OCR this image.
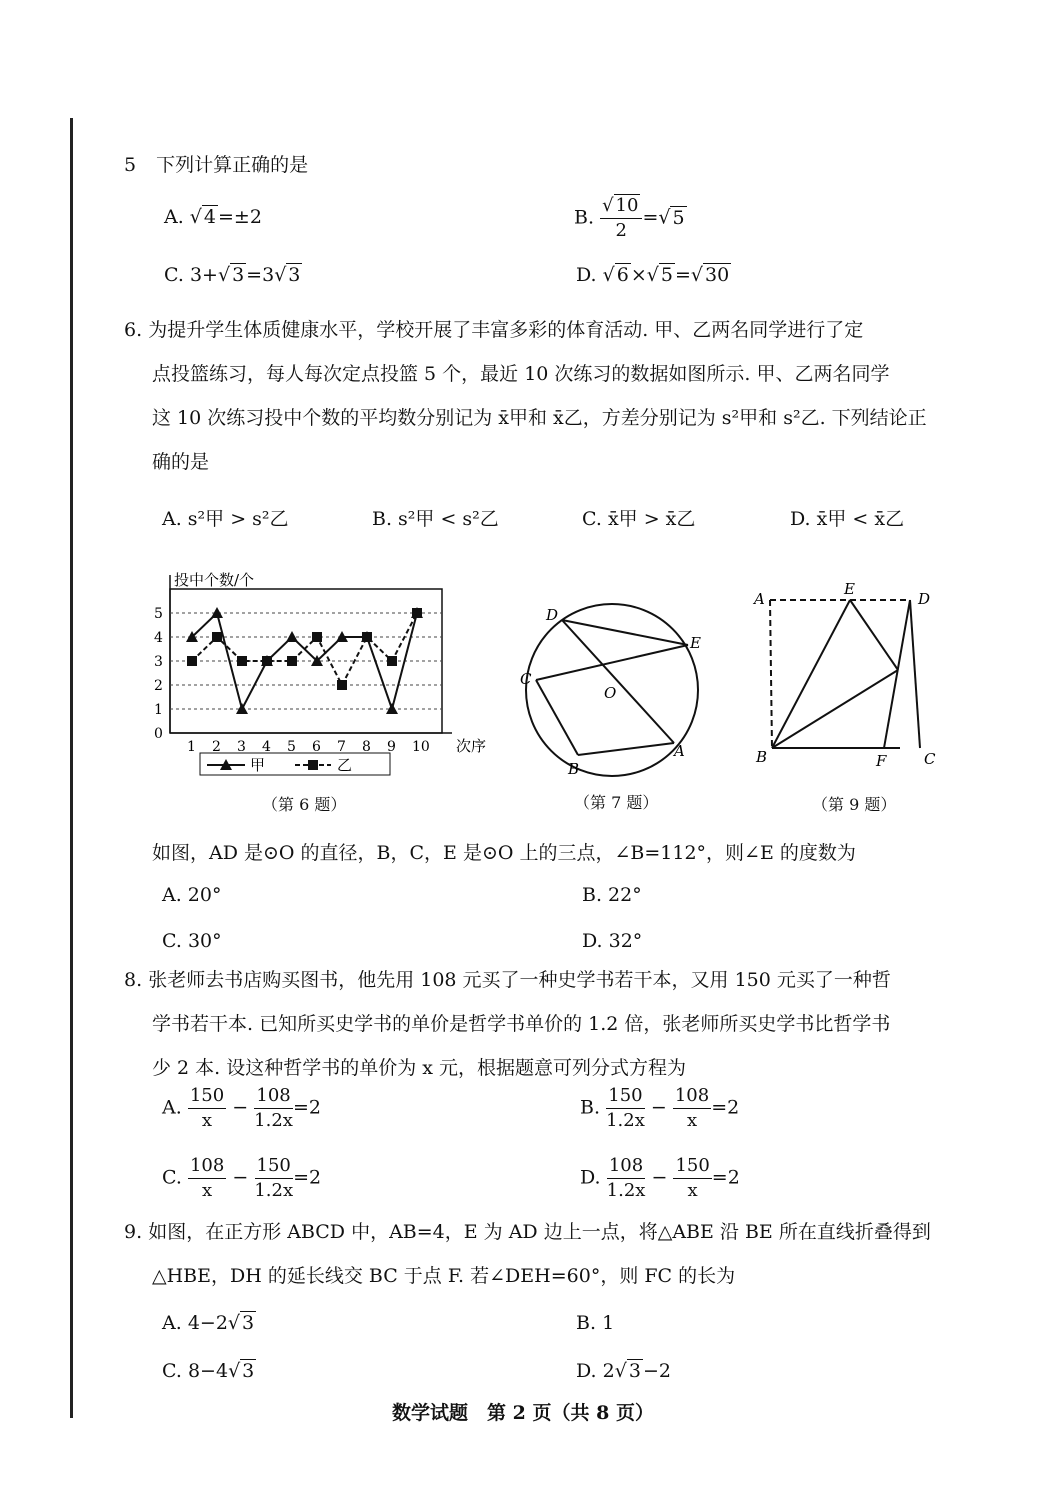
5 下列计算正确的是
A. √ 4 =±2	B. $\frac{√ 10}{2}$ =√ 5
C. 3+√ 3 =3√ 3	D. √ 6 ×√ 5 =√ 30
6. 为提升学生体质健康水平，学校开展了丰富多彩的体育活动. 甲、乙两名同学进行了定
点投篮练习，每人每次定点投篮 5 个，最近 10 次练习的数据如图所示. 甲、乙两名同学
这 10 次练习投中个数的平均数分别记为 x̄甲和 x̄乙，方差分别记为 s²甲和 s²乙. 下列结论正
确的是
A. s²甲 > s²乙	B. s²甲 < s²乙	C. x̄甲 > x̄乙	D. x̄甲 < x̄乙
0
1
2
3
4
5
1 2 3 4 5 6 7 8 9 10
投中个数/个
次序
甲	乙
（第 6 题）
D
E
C
O
B
A
（第 7 题）
A
E
D
B	F	C
（第 9 题）
如图，AD 是⊙O 的直径，B，C，E 是⊙O 上的三点，∠B=112°，则∠E 的度数为
A. 20°	B. 22°
C. 30°	D. 32°
8. 张老师去书店购买图书，他先用 108 元买了一种史学书若干本，又用 150 元买了一种哲
学书若干本. 已知所买史学书的单价是哲学书单价的 1.2 倍，张老师所买史学书比哲学书
少 2 本. 设这种哲学书的单价为 x 元，根据题意可列分式方程为
A. $\frac{150}{x} - \frac{108}{1.2x} =2$	B. $\frac{150}{1.2x} - \frac{108}{x} =2$
C. $\frac{108}{x} - \frac{150}{1.2x} =2$	D. $\frac{108}{1.2x} - \frac{150}{x} =2$
9. 如图，在正方形 ABCD 中，AB=4，E 为 AD 边上一点，将△ABE 沿 BE 所在直线折叠得到
△HBE，DH 的延长线交 BC 于点 F. 若∠DEH=60°，则 FC 的长为
A. 4−2√ 3	B. 1
C. 8−4√ 3	D. 2√ 3 −2
数学试题　第 2 页（共 8 页）
